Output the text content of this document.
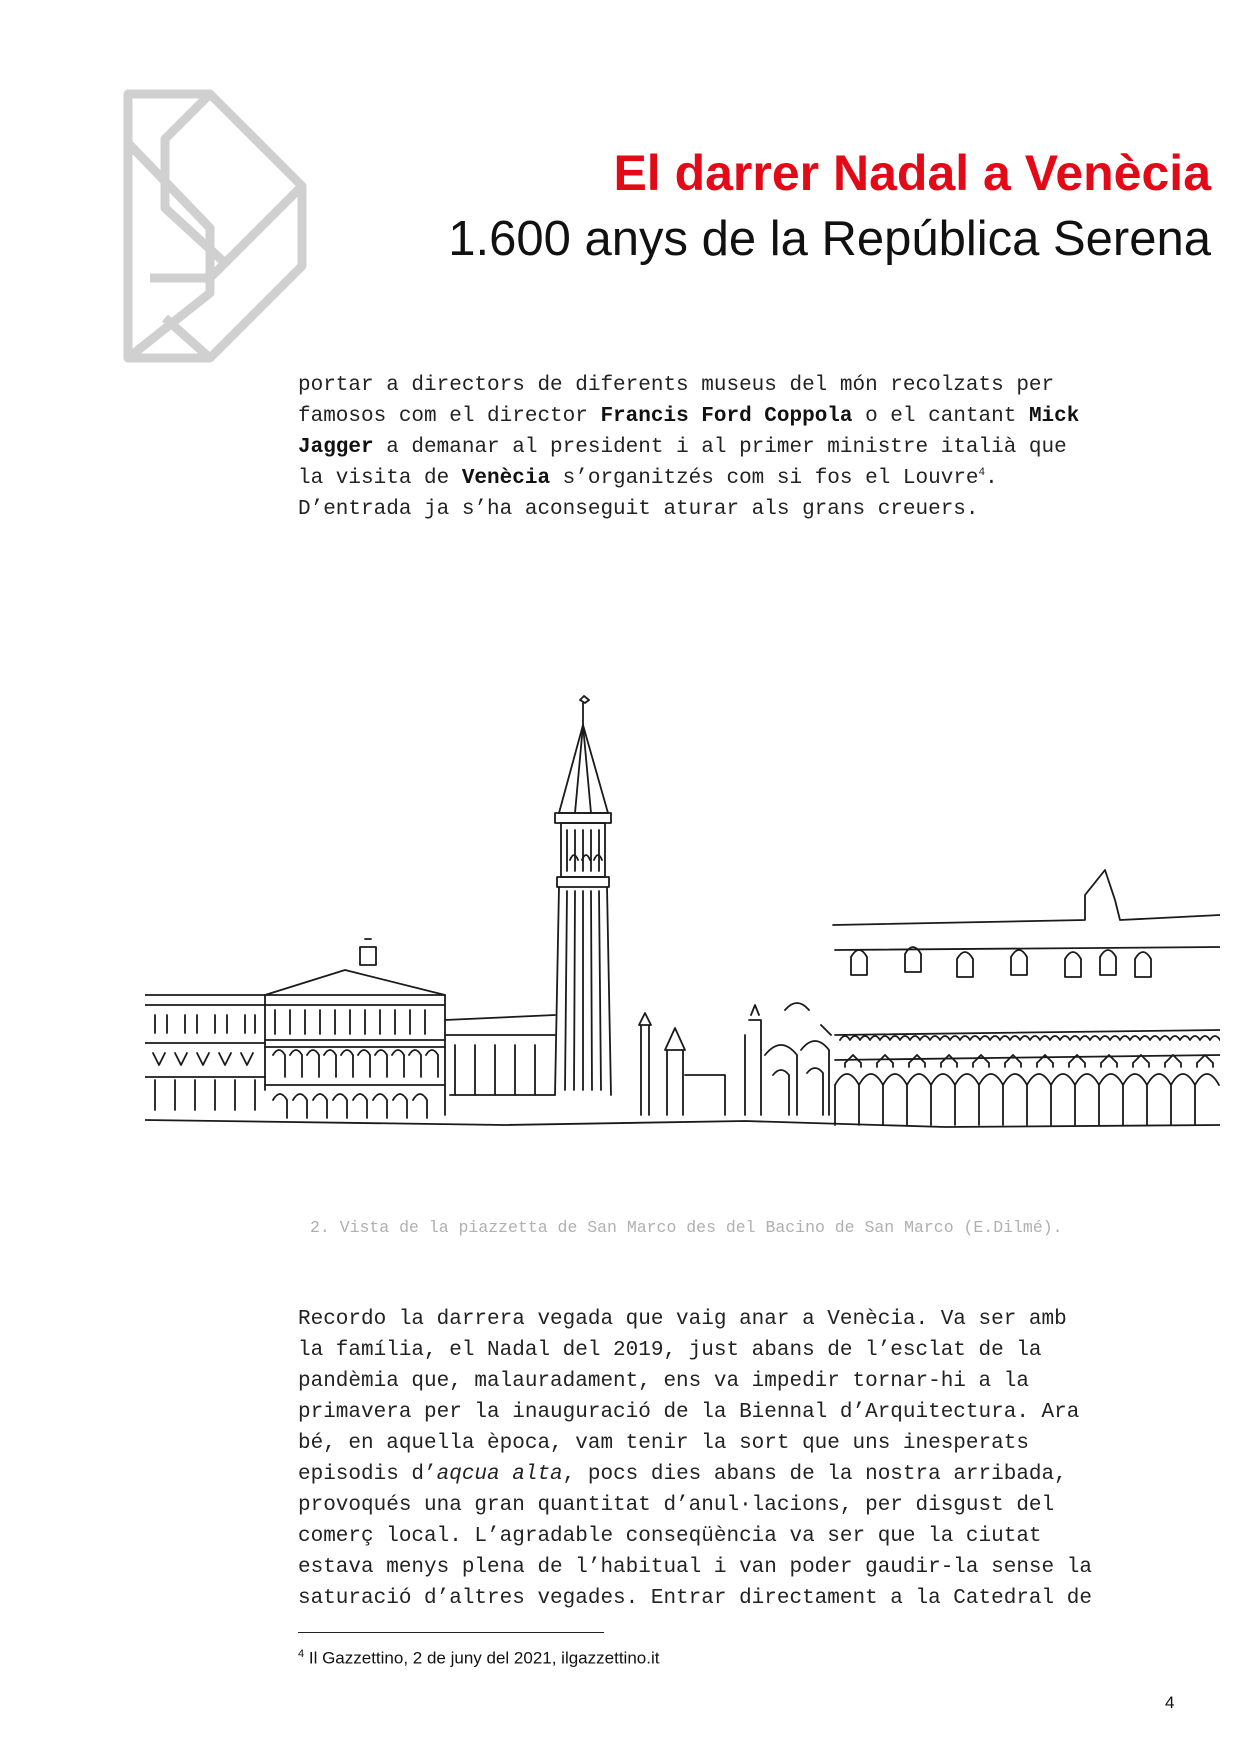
El darrer Nadal a Venècia
1.600 anys de la República Serena
portar a directors de diferents museus del món recolzats per
famosos com el director Francis Ford Coppola o el cantant Mick
Jagger a demanar al president i al primer ministre italià que
la visita de Venècia s’organitzés com si fos el Louvre$^4$.
D’entrada ja s’ha aconseguit aturar als grans creuers.

2. Vista de la piazzetta de San Marco des del Bacino de San Marco (E.Dilmé).

Recordo la darrera vegada que vaig anar a Venècia. Va ser amb
la família, el Nadal del 2019, just abans de l’esclat de la
pandèmia que, malauradament, ens va impedir tornar-hi a la
primavera per la inauguració de la Biennal d’Arquitectura. Ara
bé, en aquella època, vam tenir la sort que uns inesperats
episodis d’aqcua alta, pocs dies abans de la nostra arribada,
provoqués una gran quantitat d’anul·lacions, per disgust del
comerç local. L’agradable conseqüència va ser que la ciutat
estava menys plena de l’habitual i van poder gaudir-la sense la
saturació d’altres vegades. Entrar directament a la Catedral de

$^4$ Il Gazzettino, 2 de juny del 2021, ilgazzettino.it

4
